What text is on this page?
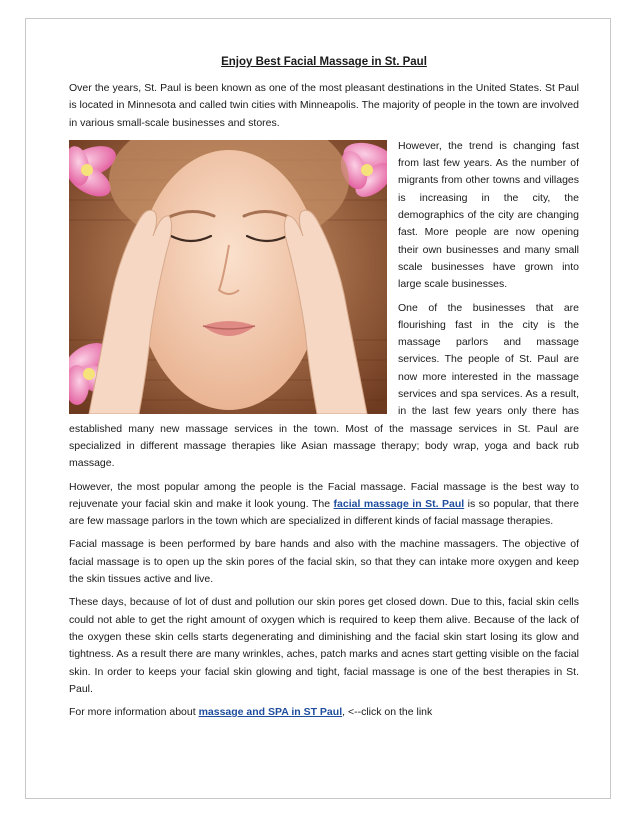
Enjoy Best Facial Massage in St. Paul

Over the years, St. Paul is been known as one of the most pleasant destinations in the United States. St Paul is located in Minnesota and called twin cities with Minneapolis. The majority of people in the town are involved in various small-scale businesses and stores.

However, the trend is changing fast from last few years. As the number of migrants from other towns and villages is increasing in the city, the demographics of the city are changing fast. More people are now opening their own businesses and many small scale businesses have grown into large scale businesses.

One of the businesses that are flourishing fast in the city is the massage parlors and massage services. The people of St. Paul are now more interested in the massage services and spa services. As a result, in the last few years only there has established many new massage services in the town. Most of the massage services in St. Paul are specialized in different massage therapies like Asian massage therapy; body wrap, yoga and back rub massage.

However, the most popular among the people is the Facial massage. Facial massage is the best way to rejuvenate your facial skin and make it look young. The facial massage in St. Paul is so popular, that there are few massage parlors in the town which are specialized in different kinds of facial massage therapies.

Facial massage is been performed by bare hands and also with the machine massagers. The objective of facial massage is to open up the skin pores of the facial skin, so that they can intake more oxygen and keep the skin tissues active and live.

These days, because of lot of dust and pollution our skin pores get closed down. Due to this, facial skin cells could not able to get the right amount of oxygen which is required to keep them alive. Because of the lack of the oxygen these skin cells starts degenerating and diminishing and the facial skin start losing its glow and tightness. As a result there are many wrinkles, aches, patch marks and acnes start getting visible on the facial skin. In order to keeps your facial skin glowing and tight, facial massage is one of the best therapies in St. Paul.

For more information about massage and SPA in ST Paul, <--click on the link
